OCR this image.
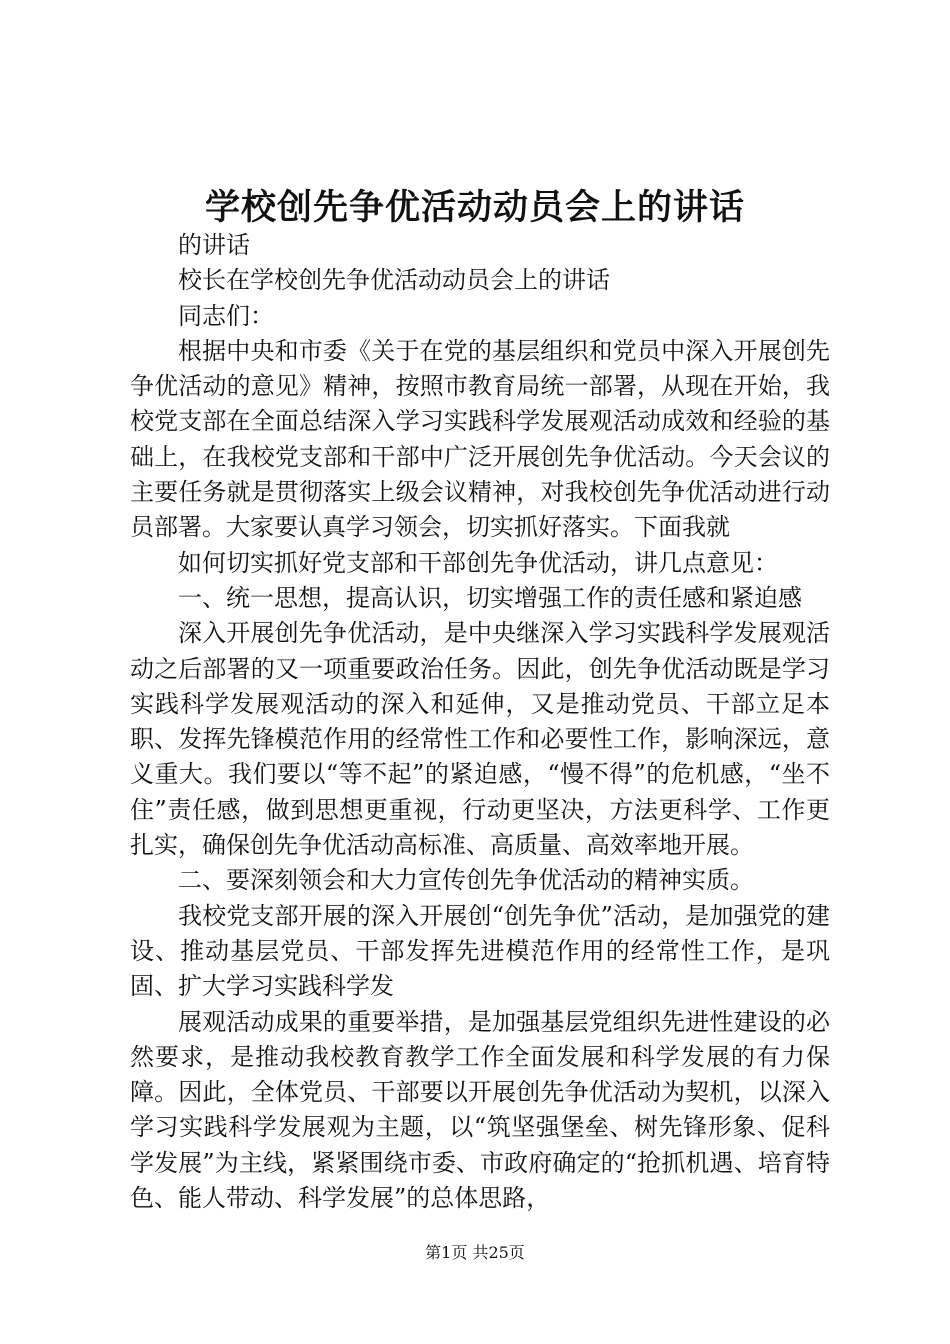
学校创先争优活动动员会上的讲话

的讲话

校长在学校创先争优活动动员会上的讲话

同志们：

根据中央和市委《关于在党的基层组织和党员中深入开展创先争优活动的意见》精神，按照市教育局统一部署，从现在开始，我校党支部在全面总结深入学习实践科学发展观活动成效和经验的基础上，在我校党支部和干部中广泛开展创先争优活动。今天会议的主要任务就是贯彻落实上级会议精神，对我校创先争优活动进行动员部署。大家要认真学习领会，切实抓好落实。下面我就

如何切实抓好党支部和干部创先争优活动，讲几点意见：

一、统一思想，提高认识，切实增强工作的责任感和紧迫感

深入开展创先争优活动，是中央继深入学习实践科学发展观活动之后部署的又一项重要政治任务。因此，创先争优活动既是学习实践科学发展观活动的深入和延伸，又是推动党员、干部立足本职、发挥先锋模范作用的经常性工作和必要性工作，影响深远，意义重大。我们要以“等不起”的紧迫感，“慢不得”的危机感，“坐不住”责任感，做到思想更重视，行动更坚决，方法更科学、工作更扎实，确保创先争优活动高标准、高质量、高效率地开展。

二、要深刻领会和大力宣传创先争优活动的精神实质。

我校党支部开展的深入开展创“创先争优”活动，是加强党的建设、推动基层党员、干部发挥先进模范作用的经常性工作，是巩固、扩大学习实践科学发

展观活动成果的重要举措，是加强基层党组织先进性建设的必然要求，是推动我校教育教学工作全面发展和科学发展的有力保障。因此，全体党员、干部要以开展创先争优活动为契机，以深入学习实践科学发展观为主题，以“筑坚强堡垒、树先锋形象、促科学发展”为主线，紧紧围绕市委、市政府确定的“抢抓机遇、培育特色、能人带动、科学发展”的总体思路，

第1页 共25页
